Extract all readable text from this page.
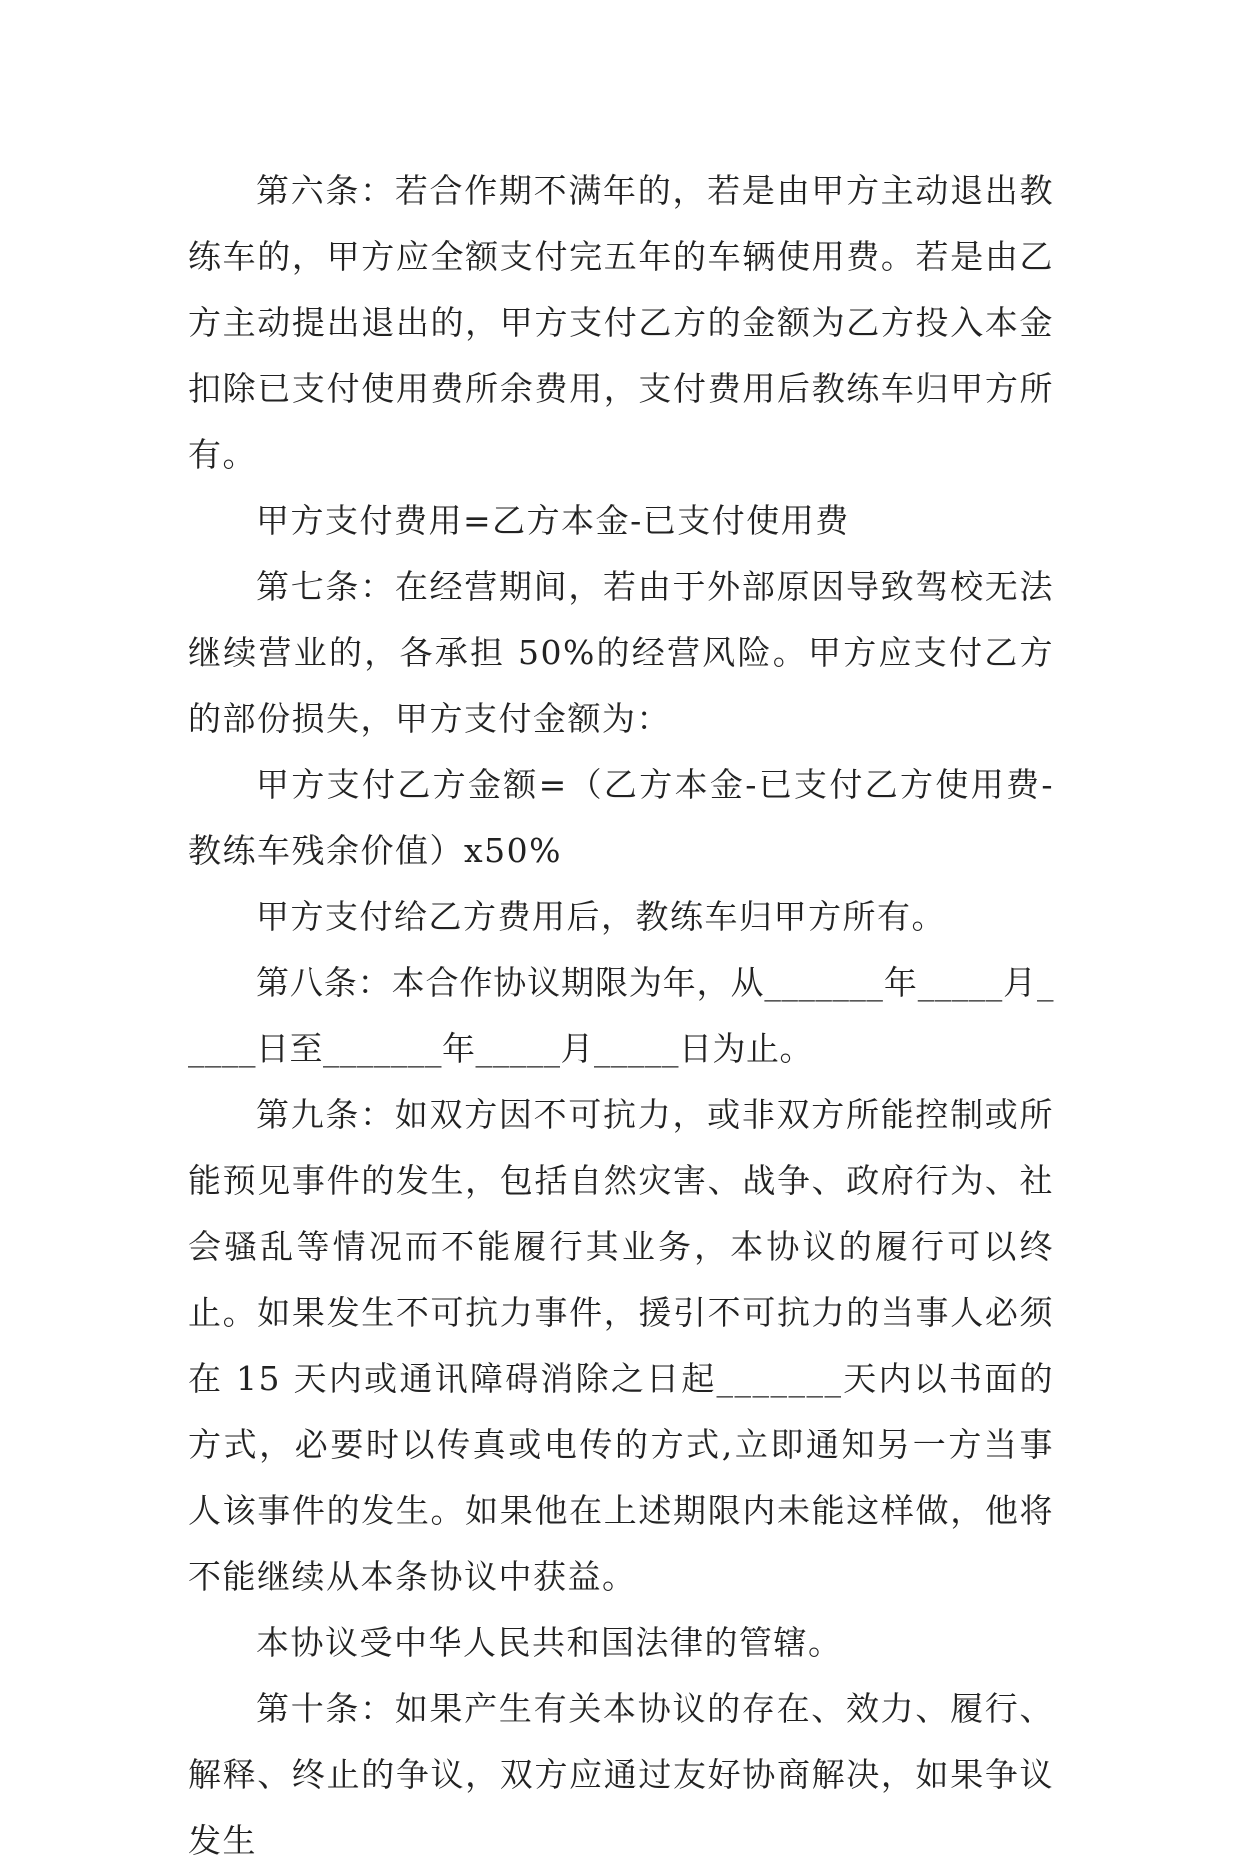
第六条：若合作期不满年的，若是由甲方主动退出教练车的，甲方应全额支付完五年的车辆使用费。若是由乙方主动提出退出的，甲方支付乙方的金额为乙方投入本金扣除已支付使用费所余费用，支付费用后教练车归甲方所有。

甲方支付费用=乙方本金-已支付使用费

第七条：在经营期间，若由于外部原因导致驾校无法继续营业的，各承担 50%的经营风险。甲方应支付乙方的部份损失，甲方支付金额为：

甲方支付乙方金额=（乙方本金-已支付乙方使用费-教练车残余价值）x50%

甲方支付给乙方费用后，教练车归甲方所有。

第八条：本合作协议期限为年，从_______年_____月_____日至_______年_____月_____日为止。

第九条：如双方因不可抗力，或非双方所能控制或所能预见事件的发生，包括自然灾害、战争、政府行为、社会骚乱等情况而不能履行其业务，本协议的履行可以终止。如果发生不可抗力事件，援引不可抗力的当事人必须在 15 天内或通讯障碍消除之日起_______天内以书面的方式，必要时以传真或电传的方式,立即通知另一方当事人该事件的发生。如果他在上述期限内未能这样做，他将不能继续从本条协议中获益。

本协议受中华人民共和国法律的管辖。

第十条：如果产生有关本协议的存在、效力、履行、解释、终止的争议，双方应通过友好协商解决，如果争议发生
